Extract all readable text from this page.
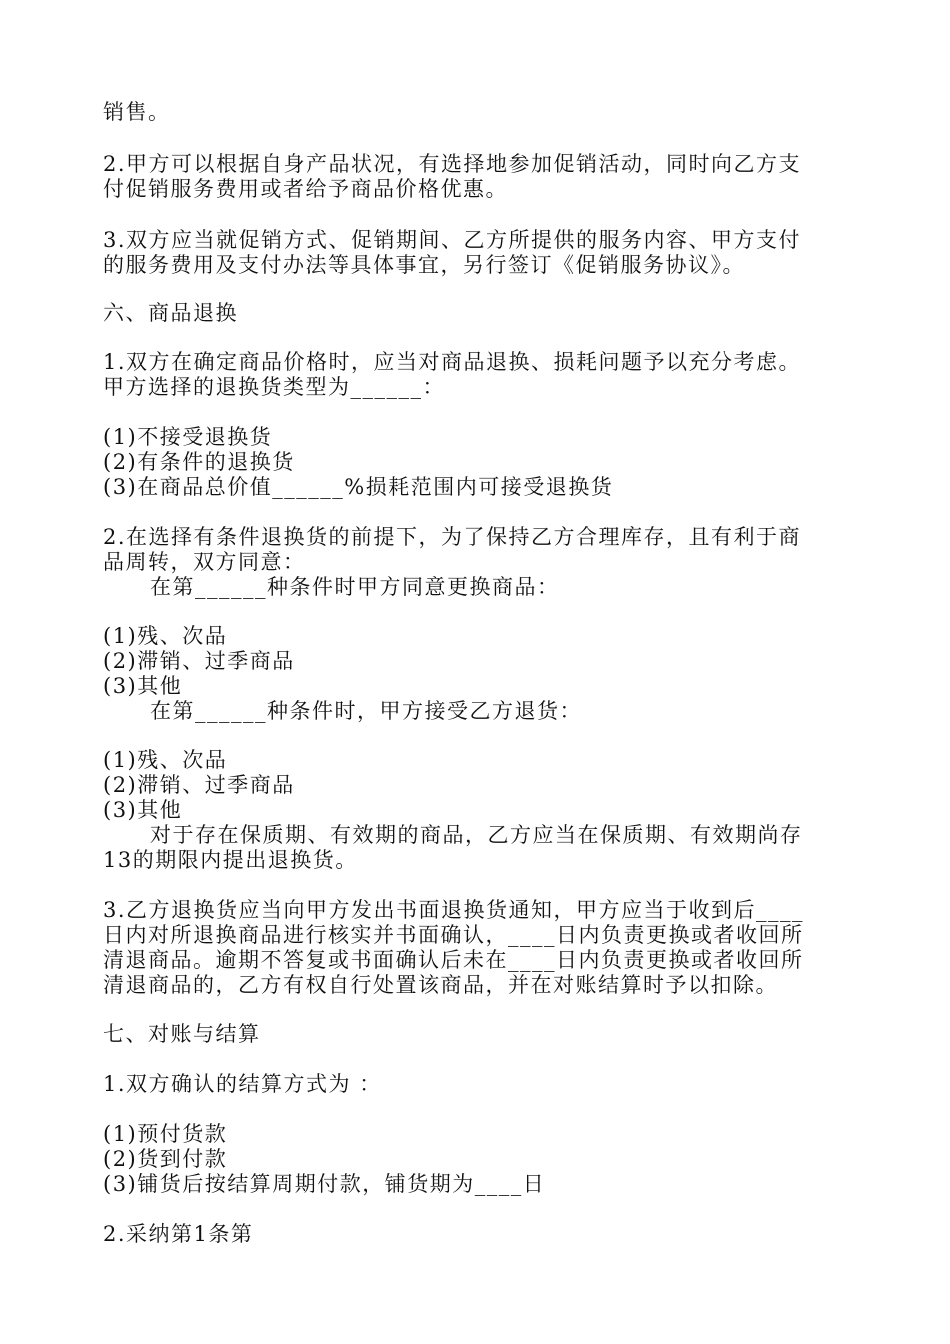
销售。
2.甲方可以根据自身产品状况，有选择地参加促销活动，同时向乙方支
付促销服务费用或者给予商品价格优惠。
3.双方应当就促销方式、促销期间、乙方所提供的服务内容、甲方支付
的服务费用及支付办法等具体事宜，另行签订《促销服务协议》。
六、商品退换
1.双方在确定商品价格时，应当对商品退换、损耗问题予以充分考虑。
甲方选择的退换货类型为______：
(1)不接受退换货
(2)有条件的退换货
(3)在商品总价值______%损耗范围内可接受退换货
2.在选择有条件退换货的前提下，为了保持乙方合理库存，且有利于商
品周转，双方同意：
在第______种条件时甲方同意更换商品：
(1)残、次品
(2)滞销、过季商品
(3)其他
在第______种条件时，甲方接受乙方退货：
(1)残、次品
(2)滞销、过季商品
(3)其他
对于存在保质期、有效期的商品，乙方应当在保质期、有效期尚存
13的期限内提出退换货。
3.乙方退换货应当向甲方发出书面退换货通知，甲方应当于收到后____
日内对所退换商品进行核实并书面确认，____日内负责更换或者收回所
清退商品。逾期不答复或书面确认后未在____日内负责更换或者收回所
清退商品的，乙方有权自行处置该商品，并在对账结算时予以扣除。
七、对账与结算
1.双方确认的结算方式为 ：
(1)预付货款
(2)货到付款
(3)铺货后按结算周期付款，铺货期为____日
2.采纳第1条第
